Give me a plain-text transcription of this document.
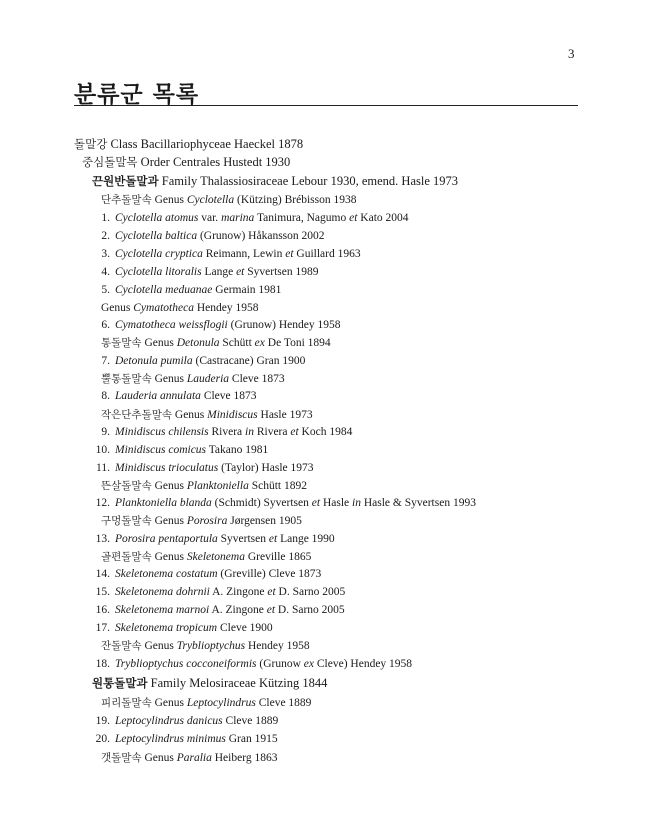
3
분류군 목록
돌말강 Class Bacillariophyceae Haeckel 1878
중심돌말목 Order Centrales Hustedt 1930
끈원반돌말과 Family Thalassiosiraceae Lebour 1930, emend. Hasle 1973
단추돌말속 Genus Cyclotella (Kützing) Brébisson 1938
1. Cyclotella atomus var. marina Tanimura, Nagumo et Kato 2004
2. Cyclotella baltica (Grunow) Håkansson 2002
3. Cyclotella cryptica Reimann, Lewin et Guillard 1963
4. Cyclotella litoralis Lange et Syvertsen 1989
5. Cyclotella meduanae Germain 1981
Genus Cymatotheca Hendey 1958
6. Cymatotheca weissflogii (Grunow) Hendey 1958
통돌말속 Genus Detonula Schütt ex De Toni 1894
7. Detonula pumila (Castracane) Gran 1900
뿔통돌말속 Genus Lauderia Cleve 1873
8. Lauderia annulata Cleve 1873
작은단추돌말속 Genus Minidiscus Hasle 1973
9. Minidiscus chilensis Rivera in Rivera et Koch 1984
10. Minidiscus comicus Takano 1981
11. Minidiscus trioculatus (Taylor) Hasle 1973
뜬살돌말속 Genus Planktoniella Schütt 1892
12. Planktoniella blanda (Schmidt) Syvertsen et Hasle in Hasle & Syvertsen 1993
구멍돌말속 Genus Porosira Jørgensen 1905
13. Porosira pentaportula Syvertsen et Lange 1990
골편돌말속 Genus Skeletonema Greville 1865
14. Skeletonema costatum (Greville) Cleve 1873
15. Skeletonema dohrnii A. Zingone et D. Sarno 2005
16. Skeletonema marnoi A. Zingone et D. Sarno 2005
17. Skeletonema tropicum Cleve 1900
잔돌말속 Genus Tryblioptychus Hendey 1958
18. Tryblioptychus cocconeiformis (Grunow ex Cleve) Hendey 1958
원통돌말과 Family Melosiraceae Kützing 1844
피리돌말속 Genus Leptocylindrus Cleve 1889
19. Leptocylindrus danicus Cleve 1889
20. Leptocylindrus minimus Gran 1915
갯돌말속 Genus Paralia Heiberg 1863
